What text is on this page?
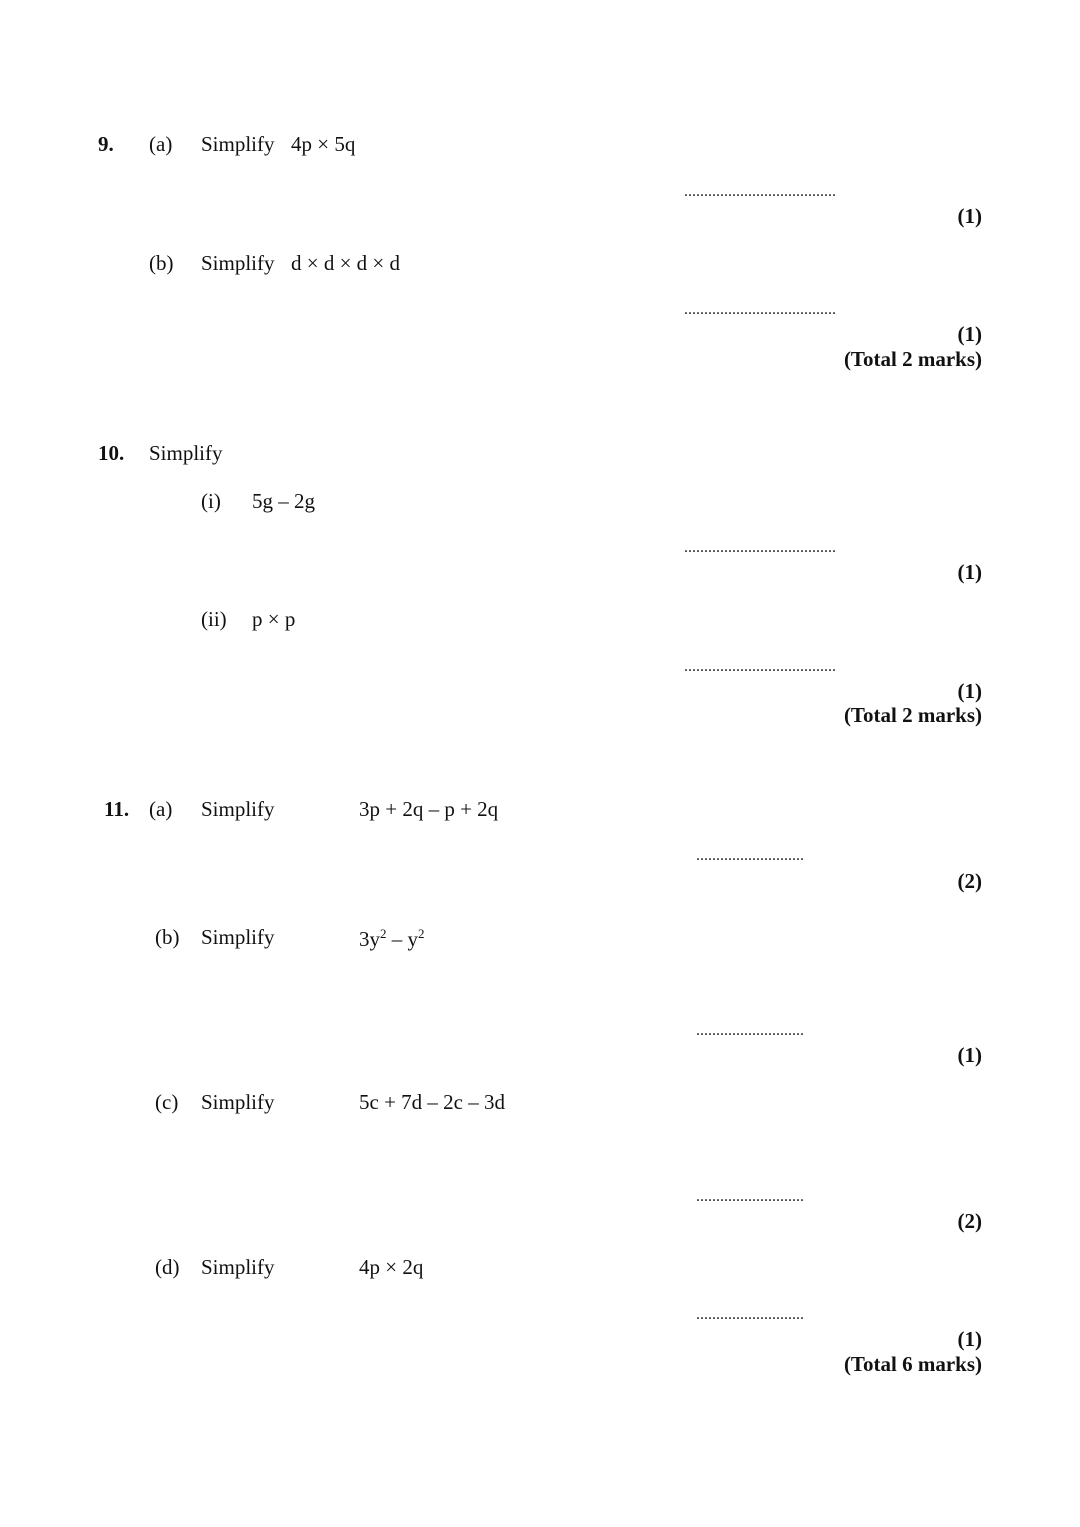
9. (a) Simplify 4p × 5q
......................................
(1)
(b) Simplify d × d × d × d
......................................
(1)
(Total 2 marks)
10. Simplify
(i) 5g – 2g
......................................
(1)
(ii) p × p
......................................
(1)
(Total 2 marks)
11. (a) Simplify	3p + 2q – p + 2q
...........................
(2)
(b) Simplify	$3y^2 - y^2$
...........................
(1)
(c) Simplify	5c + 7d – 2c – 3d
...........................
(2)
(d) Simplify	4p × 2q
...........................
(1)
(Total 6 marks)
